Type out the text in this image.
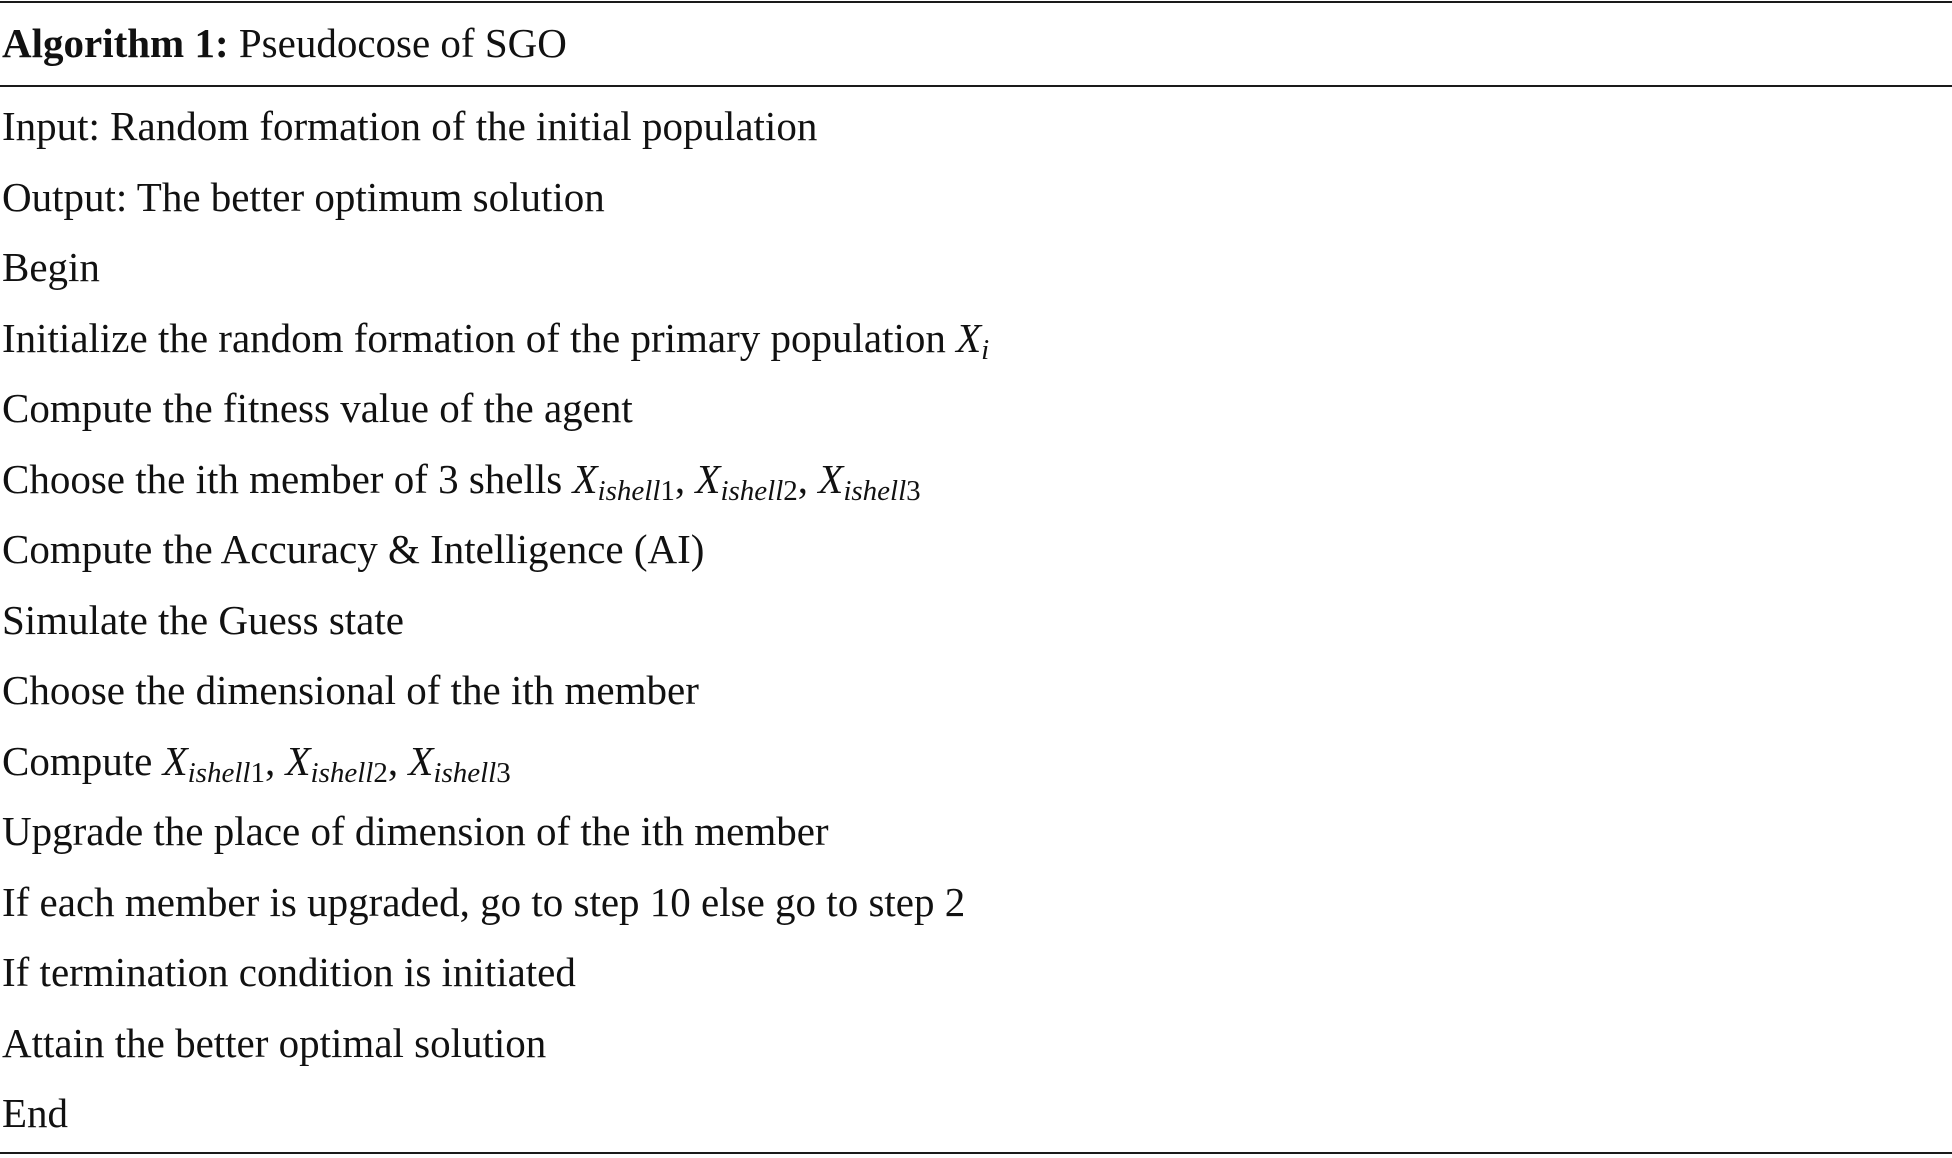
Algorithm 1: Pseudocose of SGO
Input: Random formation of the initial population
Output: The better optimum solution
Begin
Initialize the random formation of the primary population $X_i$
Compute the fitness value of the agent
Choose the ith member of 3 shells $X_{ishell1}$, $X_{ishell2}$, $X_{ishell3}$
Compute the Accuracy & Intelligence (AI)
Simulate the Guess state
Choose the dimensional of the ith member
Compute $X_{ishell1}$, $X_{ishell2}$, $X_{ishell3}$
Upgrade the place of dimension of the ith member
If each member is upgraded, go to step 10 else go to step 2
If termination condition is initiated
Attain the better optimal solution
End
